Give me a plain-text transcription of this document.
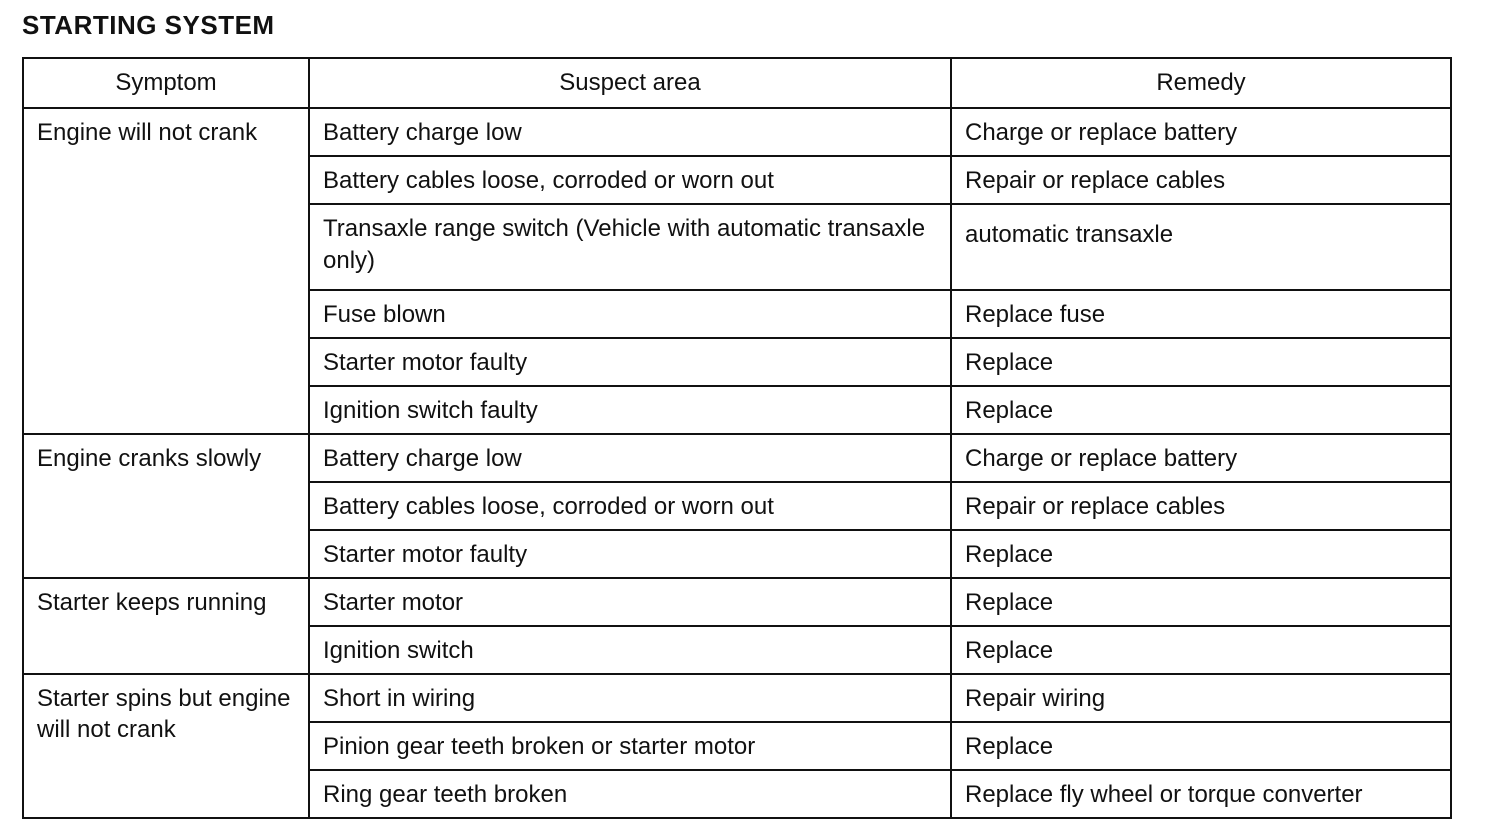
STARTING SYSTEM
Symptom	Suspect area	Remedy
Engine will not crank	Battery charge low	Charge or replace battery
	Battery cables loose, corroded or worn out	Repair or replace cables
	Transaxle range switch (Vehicle with automatic transaxle only)	automatic transaxle
	Fuse blown	Replace fuse
	Starter motor faulty	Replace
	Ignition switch faulty	Replace
Engine cranks slowly	Battery charge low	Charge or replace battery
	Battery cables loose, corroded or worn out	Repair or replace cables
	Starter motor faulty	Replace
Starter keeps running	Starter motor	Replace
	Ignition switch	Replace
Starter spins but engine will not crank	Short in wiring	Repair wiring
	Pinion gear teeth broken or starter motor	Replace
	Ring gear teeth broken	Replace fly wheel or torque converter
